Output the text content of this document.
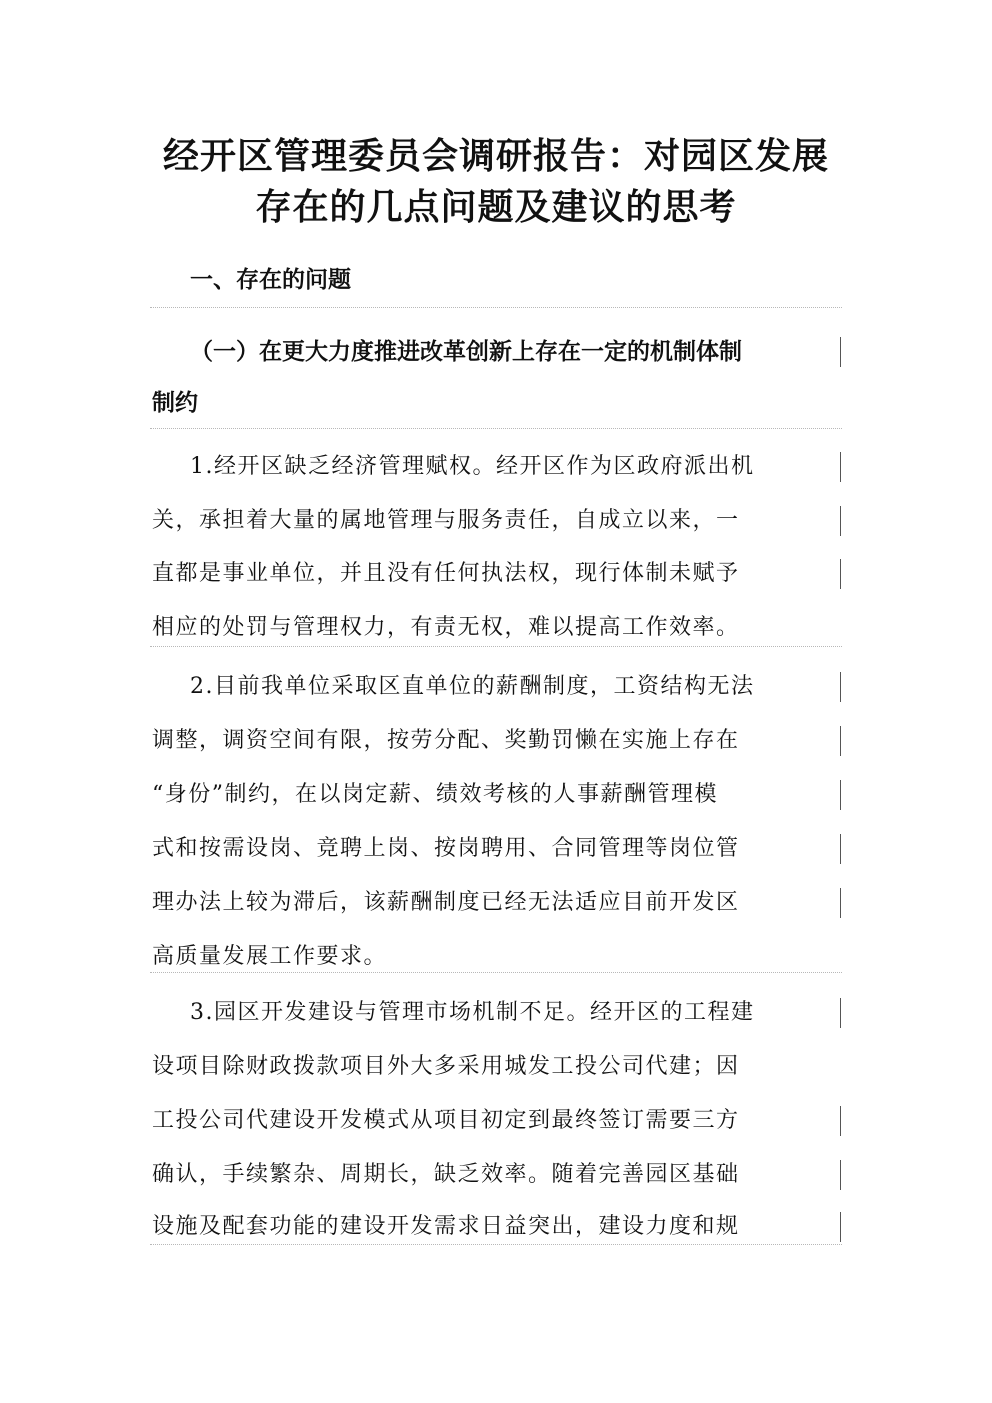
经开区管理委员会调研报告：对园区发展
存在的几点问题及建议的思考
一、存在的问题
（一）在更大力度推进改革创新上存在一定的机制体制
制约
1.经开区缺乏经济管理赋权。经开区作为区政府派出机
关，承担着大量的属地管理与服务责任，自成立以来，一
直都是事业单位，并且没有任何执法权，现行体制未赋予
相应的处罚与管理权力，有责无权，难以提高工作效率。
2.目前我单位采取区直单位的薪酬制度，工资结构无法
调整，调资空间有限，按劳分配、奖勤罚懒在实施上存在
“身份”制约，在以岗定薪、绩效考核的人事薪酬管理模
式和按需设岗、竞聘上岗、按岗聘用、合同管理等岗位管
理办法上较为滞后，该薪酬制度已经无法适应目前开发区
高质量发展工作要求。
3.园区开发建设与管理市场机制不足。经开区的工程建
设项目除财政拨款项目外大多采用城发工投公司代建；因
工投公司代建设开发模式从项目初定到最终签订需要三方
确认，手续繁杂、周期长，缺乏效率。随着完善园区基础
设施及配套功能的建设开发需求日益突出，建设力度和规
